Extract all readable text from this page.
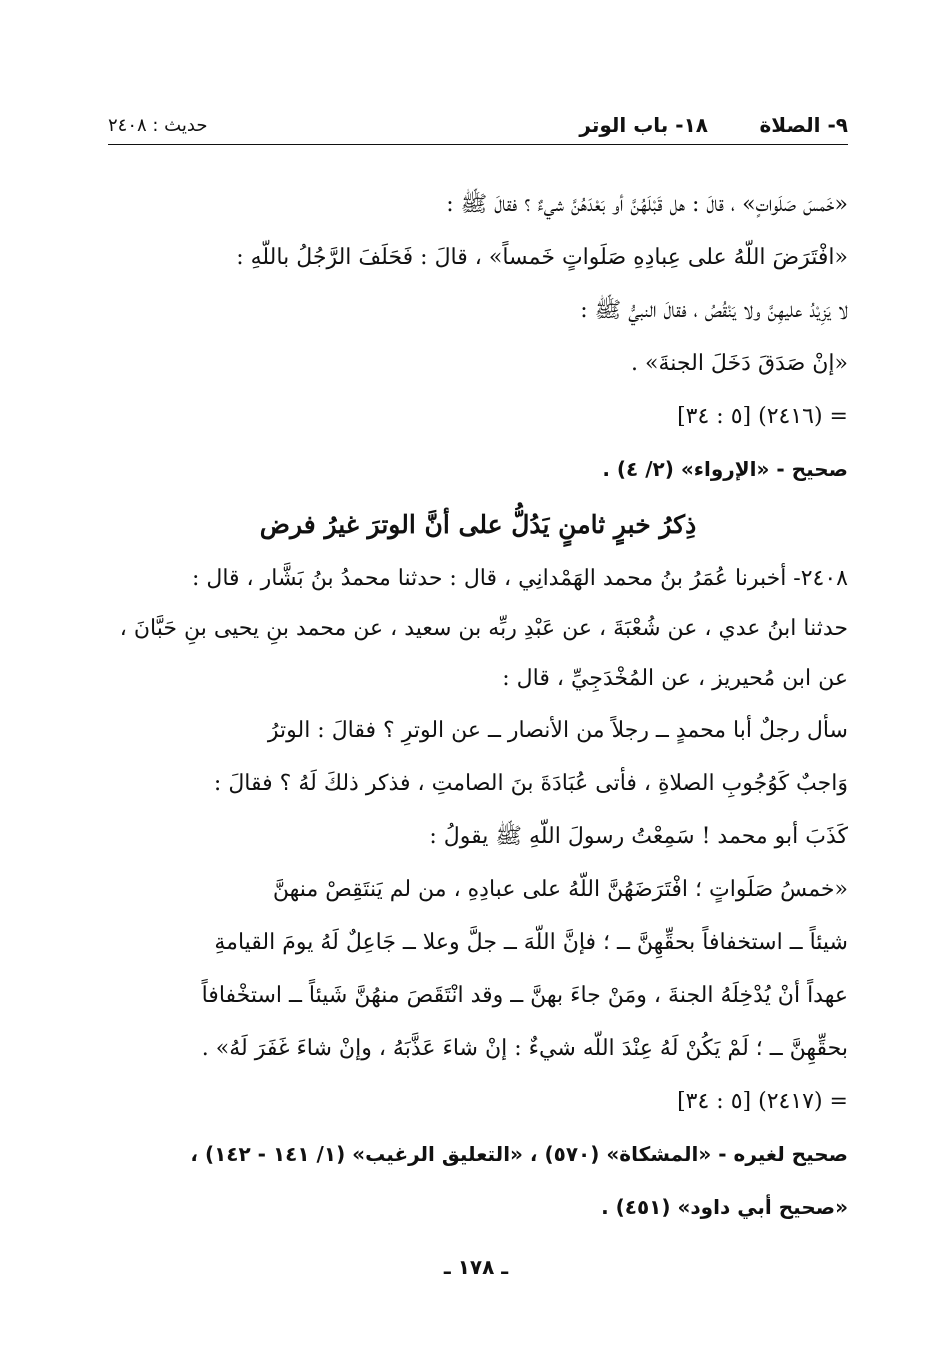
٩- الصلاة
١٨- باب الوتر
حديث : ٢٤٠٨
«خَمسَ صَلَواتٍ» ، قالَ : هل قَبْلَهُنَّ أو بَعْدَهُنَّ شيءٌ ؟ فقالَ ﷺ :
«افْتَرَضَ اللّهُ على عِبادِهِ صَلَواتٍ خَمساً» ، قالَ : فَحَلَفَ الرَّجُلُ باللّهِ :
لا يَزِيْدُ عليهِنَّ ولا يَنْقُصُ ، فقالَ النبيُّ ﷺ :
«إنْ صَدَقَ دَخَلَ الجنةَ» .
= (٢٤١٦) [٥ : ٣٤]
صحيح - «الإرواء» (٢/ ٤) .
ذِكرُ خبرٍ ثامنٍ يَدُلُّ على أنَّ الوترَ غيرُ فرض
٢٤٠٨- أخبرنا عُمَرُ بنُ محمد الهَمْدانِي ، قال : حدثنا محمدُ بنُ بَشَّار ، قال :
حدثنا ابنُ عدي ، عن شُعْبَةَ ، عن عَبْدِ ربِّه بن سعيد ، عن محمد بنِ يحيى بنِ حَبَّانَ ،
عن ابن مُحيريز ، عن المُخْدَجِيِّ ، قال :
سأل رجلٌ أبا محمدٍ ــ رجلاً من الأنصار ــ عن الوترِ ؟ فقالَ : الوترُ
وَاجبٌ كَوُجُوبِ الصلاةِ ، فأتى عُبَادَةَ بنَ الصامتِ ، فذكر ذلكَ لَهُ ؟ فقالَ :
كَذَبَ أبو محمد ! سَمِعْتُ رسولَ اللّهِ ﷺ يقولُ :
«خمسُ صَلَواتٍ ؛ افْتَرَضَهُنَّ اللّهُ على عبادِهِ ، من لم يَنتَقِصْ منهنَّ
شيئاً ــ استخفافاً بحقِّهِنَّ ــ ؛ فإنَّ اللّهَ ــ جلَّ وعلا ــ جَاعِلٌ لَهُ يومَ القيامةِ
عهداً أنْ يُدْخِلَهُ الجنةَ ، ومَنْ جاءَ بهنَّ ــ وقد انْتَقَصَ منهُنَّ شَيئاً ــ استخْفافاً
بحقِّهِنَّ ــ ؛ لَمْ يَكُنْ لَهُ عِنْدَ اللّه شيءٌ : إنْ شاءَ عَذَّبَهُ ، وإنْ شاءَ غَفَرَ لَهُ» .
= (٢٤١٧) [٥ : ٣٤]
صحيح لغيره - «المشكاة» (٥٧٠) ، «التعليق الرغيب» (١/ ١٤١ - ١٤٢) ،
«صحيح أبي داود» (٤٥١) .
ـ ١٧٨ ـ
